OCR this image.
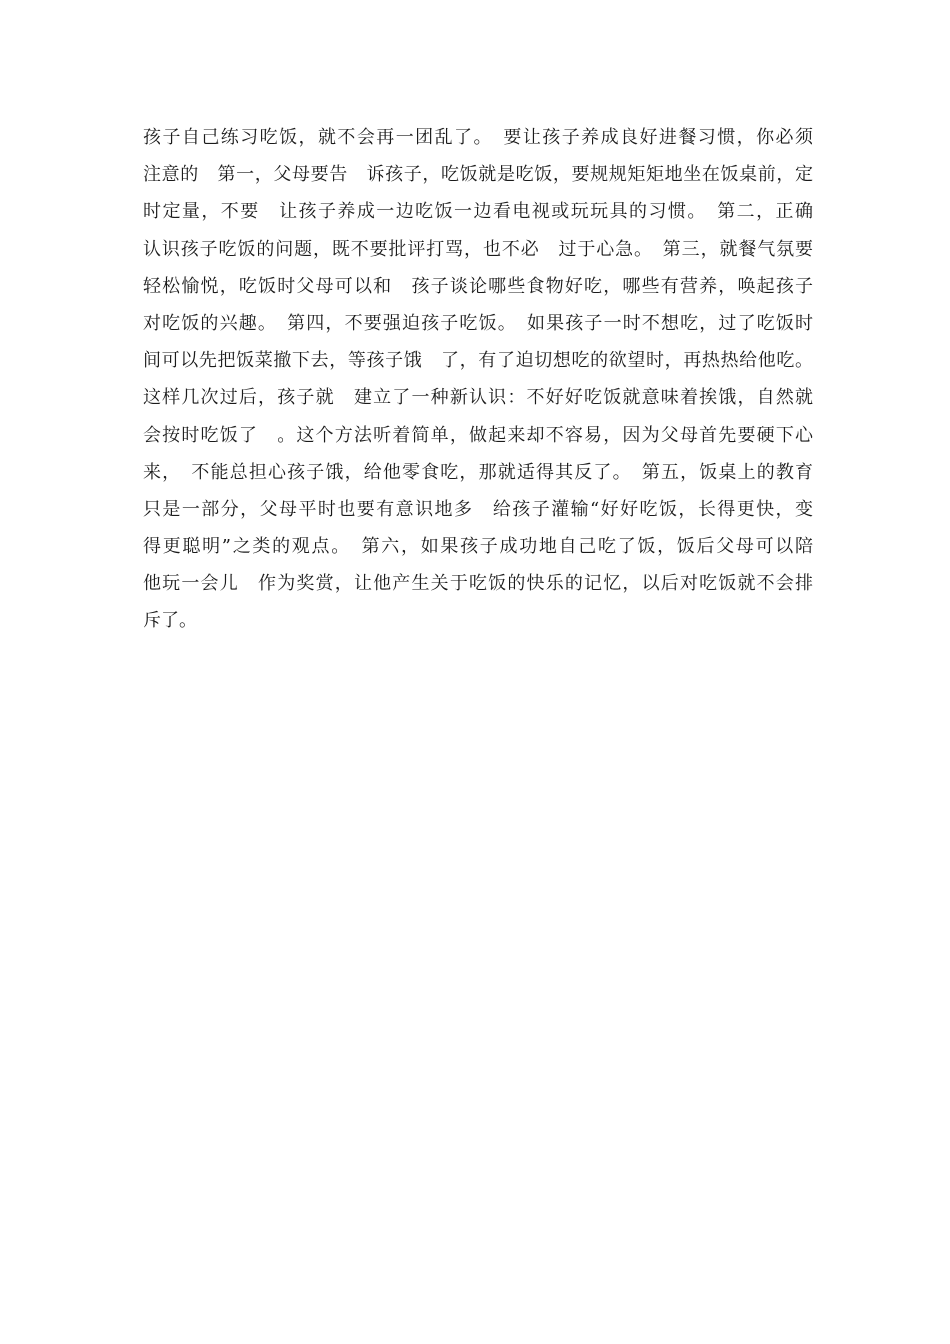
孩子自己练习吃饭，就不会再一团乱了。　要让孩子养成良好进餐习惯，你必须
注意的　第一，父母要告　诉孩子，吃饭就是吃饭，要规规矩矩地坐在饭桌前，定
时定量，不要　让孩子养成一边吃饭一边看电视或玩玩具的习惯。　第二，正确
认识孩子吃饭的问题，既不要批评打骂，也不必　过于心急。　第三，就餐气氛要
轻松愉悦，吃饭时父母可以和　孩子谈论哪些食物好吃，哪些有营养，唤起孩子
对吃饭的兴趣。　第四，不要强迫孩子吃饭。　如果孩子一时不想吃，过了吃饭时
间可以先把饭菜撤下去，等孩子饿　了，有了迫切想吃的欲望时，再热热给他吃。
这样几次过后，孩子就　建立了一种新认识：不好好吃饭就意味着挨饿，自然就
会按时吃饭了　。这个方法听着简单，做起来却不容易，因为父母首先要硬下心
来，　不能总担心孩子饿，给他零食吃，那就适得其反了。　第五，饭桌上的教育
只是一部分，父母平时也要有意识地多　给孩子灌输“好好吃饭，长得更快，变
得更聪明”之类的观点。　第六，如果孩子成功地自己吃了饭，饭后父母可以陪
他玩一会儿　作为奖赏，让他产生关于吃饭的快乐的记忆，以后对吃饭就不会排
斥了。
